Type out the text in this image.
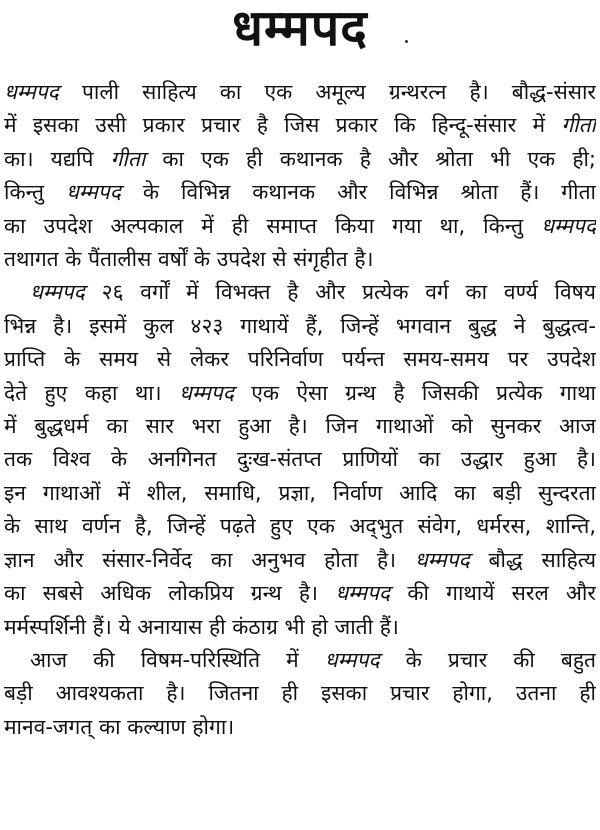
धम्मपद

धम्मपद पाली साहित्य का एक अमूल्य ग्रन्थरत्न है। बौद्ध-संसार
में इसका उसी प्रकार प्रचार है जिस प्रकार कि हिन्दू-संसार में गीता
का। यद्यपि गीता का एक ही कथानक है और श्रोता भी एक ही;
किन्तु धम्मपद के विभिन्न कथानक और विभिन्न श्रोता हैं। गीता
का उपदेश अल्पकाल में ही समाप्त किया गया था, किन्तु धम्मपद
तथागत के पैंतालीस वर्षों के उपदेश से संगृहीत है।

धम्मपद २६ वर्गों में विभक्त है और प्रत्येक वर्ग का वर्ण्य विषय
भिन्न है। इसमें कुल ४२३ गाथायें हैं, जिन्हें भगवान बुद्ध ने बुद्धत्व-
प्राप्ति के समय से लेकर परिनिर्वाण पर्यन्त समय-समय पर उपदेश
देते हुए कहा था। धम्मपद एक ऐसा ग्रन्थ है जिसकी प्रत्येक गाथा
में बुद्धधर्म का सार भरा हुआ है। जिन गाथाओं को सुनकर आज
तक विश्व के अनगिनत दुःख-संतप्त प्राणियों का उद्धार हुआ है।
इन गाथाओं में शील, समाधि, प्रज्ञा, निर्वाण आदि का बड़ी सुन्दरता
के साथ वर्णन है, जिन्हें पढ़ते हुए एक अद्‌भुत संवेग, धर्मरस, शान्ति,
ज्ञान और संसार-निर्वेद का अनुभव होता है। धम्मपद बौद्ध साहित्य
का सबसे अधिक लोकप्रिय ग्रन्थ है। धम्मपद की गाथायें सरल और
मर्मस्पर्शिनी हैं। ये अनायास ही कंठाग्र भी हो जाती हैं।

आज की विषम-परिस्थिति में धम्मपद के प्रचार की बहुत
बड़ी आवश्यकता है। जितना ही इसका प्रचार होगा, उतना ही
मानव-जगत् का कल्याण होगा।
